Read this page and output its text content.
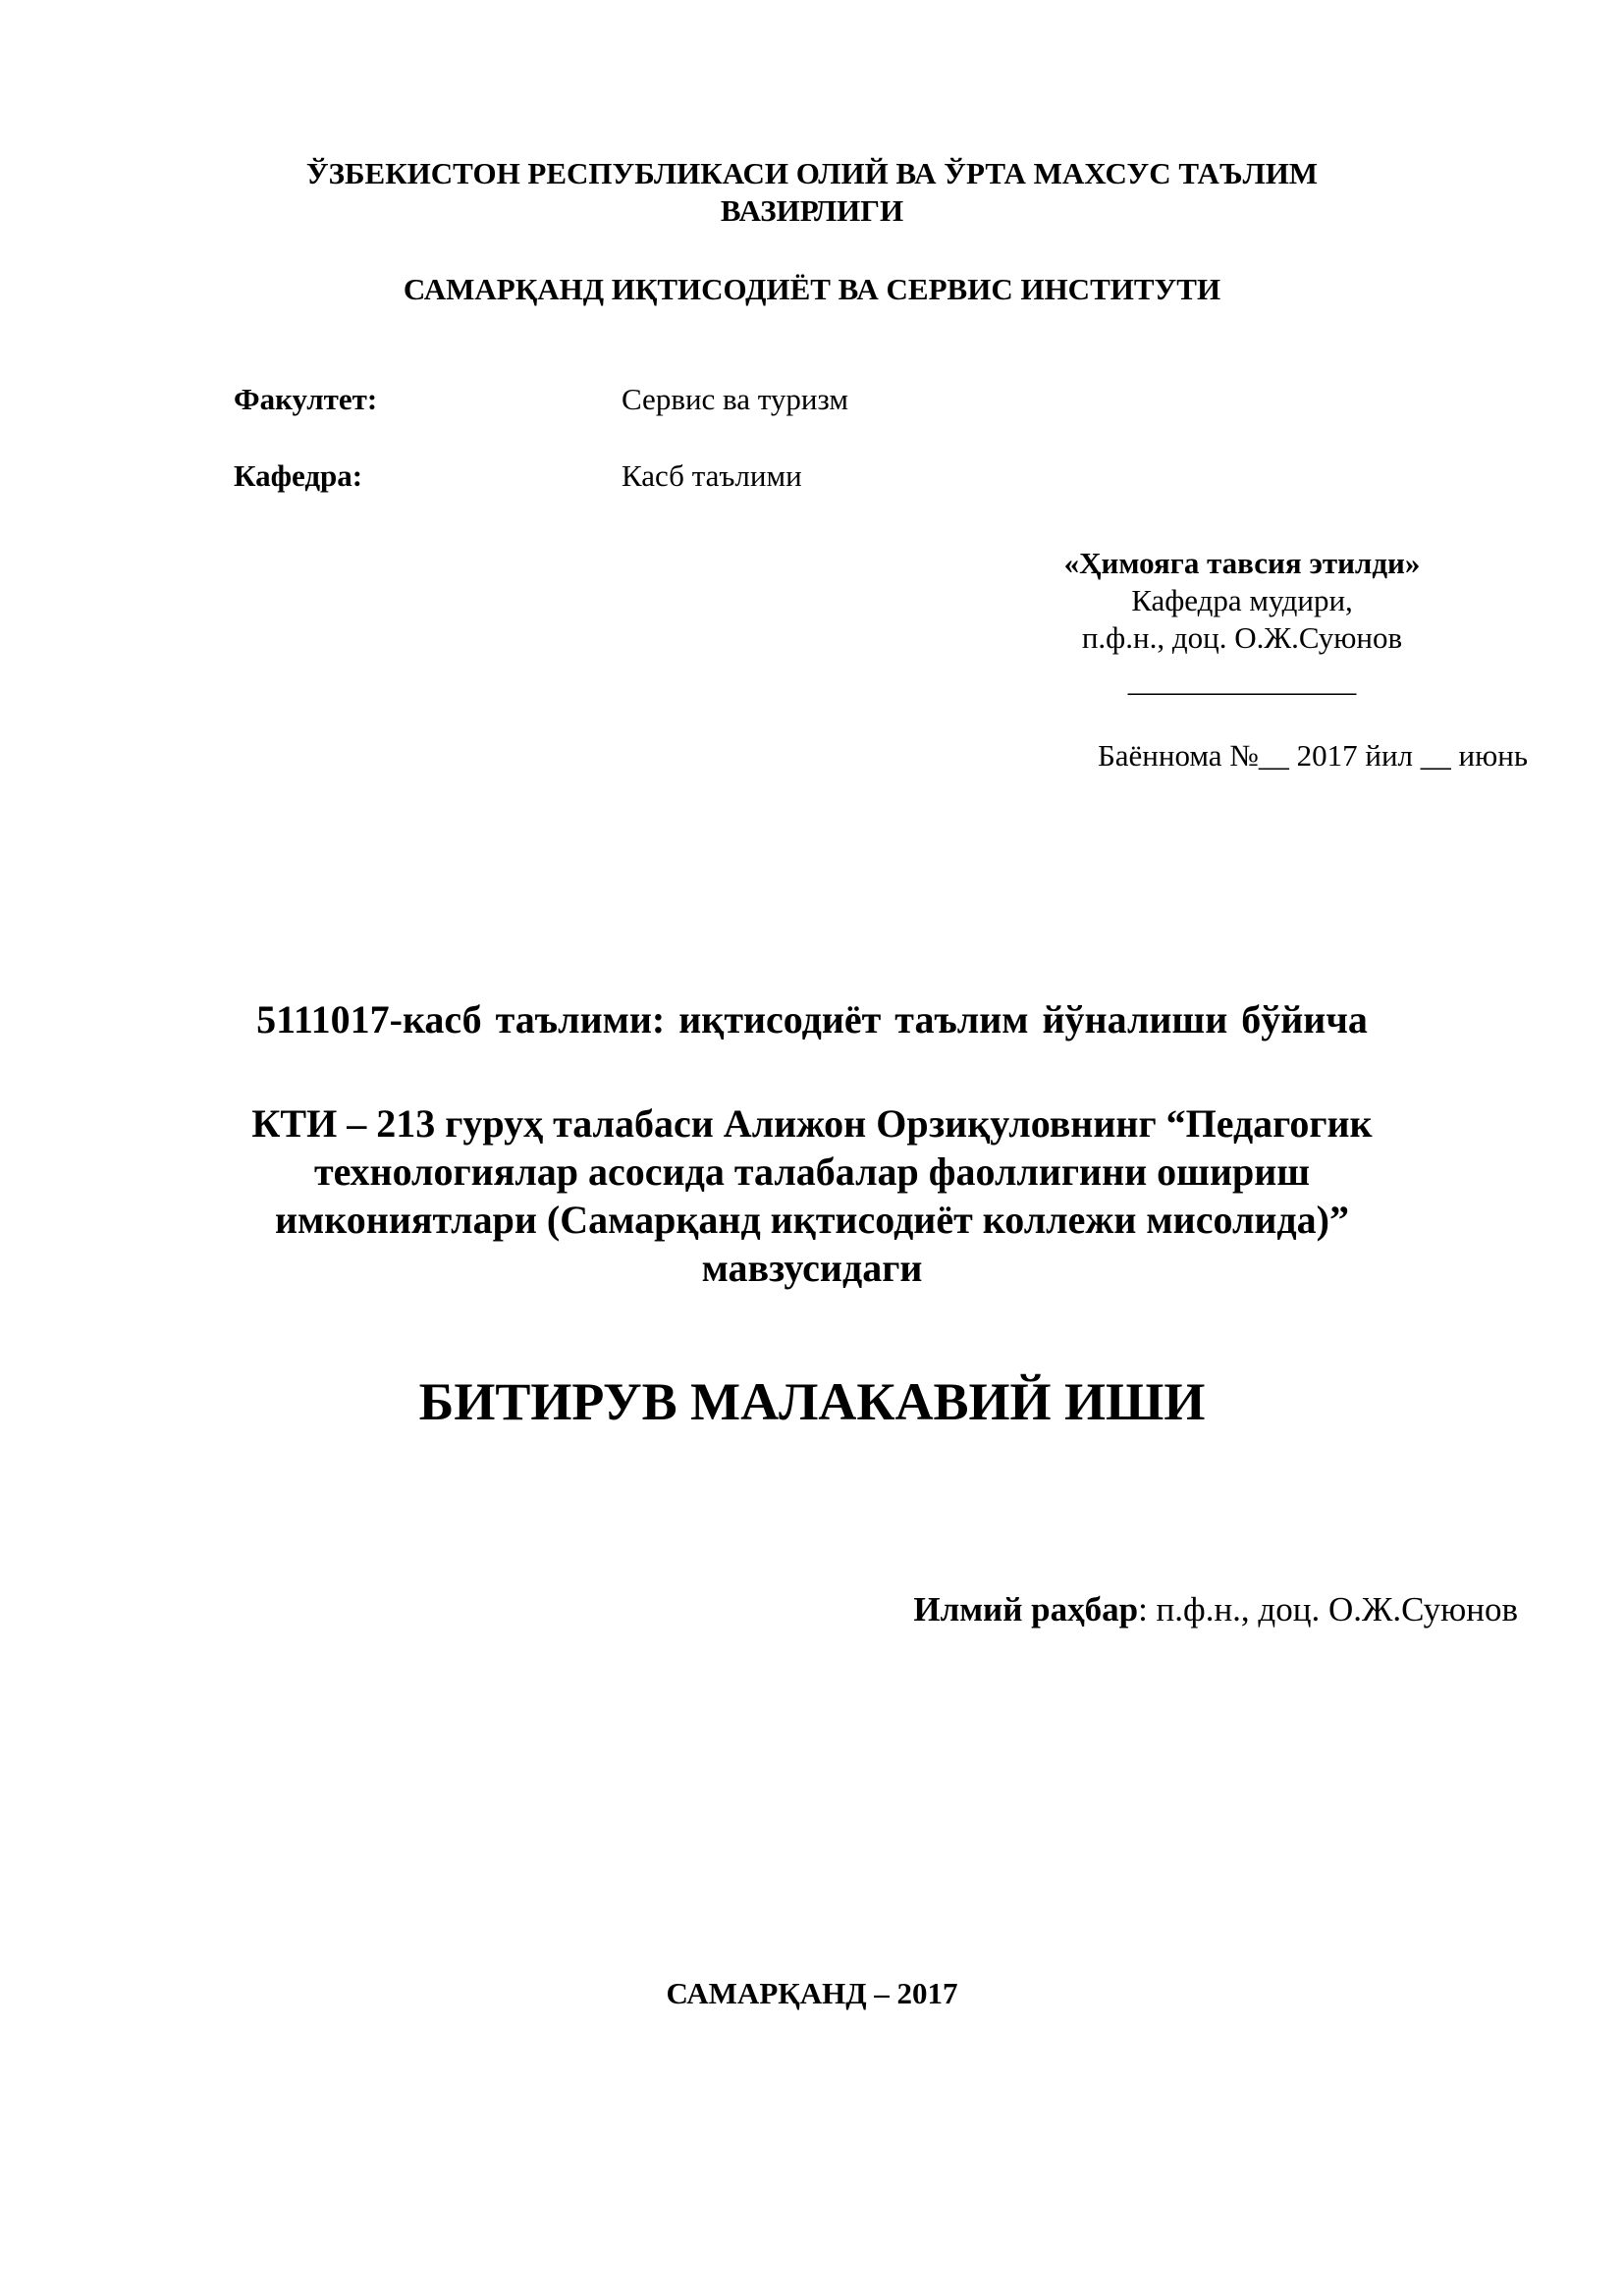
ЎЗБЕКИСТОН РЕСПУБЛИКАСИ ОЛИЙ ВА ЎРТА МАХСУС ТАЪЛИМ
ВАЗИРЛИГИ
САМАРҚАНД ИҚТИСОДИЁТ ВА СЕРВИС ИНСТИТУТИ
Факултет:	Сервис ва туризм
Кафедра:	Касб таълими
«Ҳимояга тавсия этилди»
Кафедра мудири,
п.ф.н., доц. О.Ж.Суюнов
_______________
Баённома №__ 2017 йил __ июнь
5111017-касб таълими: иқтисодиёт таълим йўналиши бўйича
КТИ – 213 гуруҳ талабаси Алижон Орзиқуловнинг “Педагогик
технологиялар асосида талабалар фаоллигини ошириш
имкониятлари (Самарқанд иқтисодиёт коллежи мисолида)”
мавзусидаги
БИТИРУВ МАЛАКАВИЙ ИШИ
Илмий раҳбар: п.ф.н., доц. О.Ж.Суюнов
САМАРҚАНД – 2017
